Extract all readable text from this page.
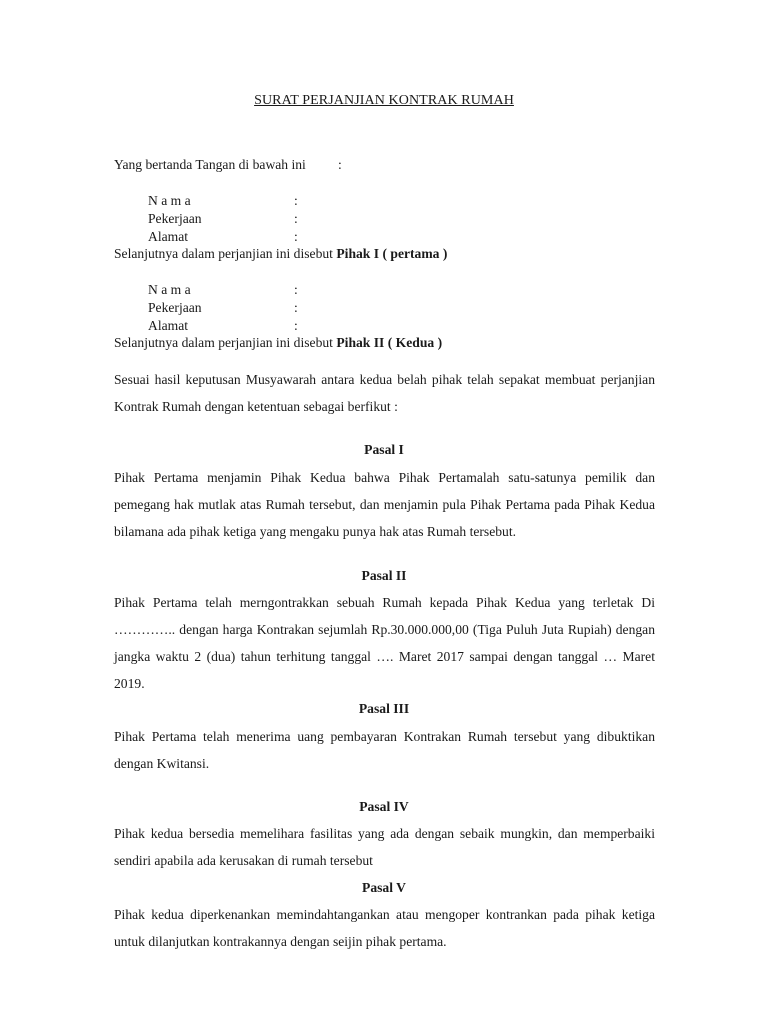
SURAT PERJANJIAN KONTRAK RUMAH
Yang bertanda Tangan di bawah ini :
N a m a	:
Pekerjaan	:
Alamat	:
Selanjutnya dalam perjanjian ini disebut Pihak I ( pertama )
N a m a	:
Pekerjaan	:
Alamat	:
Selanjutnya dalam perjanjian ini disebut Pihak II ( Kedua )

Sesuai hasil keputusan Musyawarah antara kedua belah pihak telah sepakat membuat perjanjian Kontrak Rumah dengan ketentuan sebagai berfikut :

Pasal I

Pihak Pertama menjamin Pihak Kedua bahwa Pihak Pertamalah satu-satunya pemilik dan pemegang hak mutlak atas Rumah tersebut, dan menjamin pula Pihak Pertama pada Pihak Kedua bilamana ada pihak ketiga yang mengaku punya hak atas Rumah tersebut.

Pasal II

Pihak Pertama telah merngontrakkan sebuah Rumah kepada Pihak Kedua yang terletak Di ………….. dengan harga Kontrakan sejumlah Rp.30.000.000,00 (Tiga Puluh Juta Rupiah) dengan jangka waktu 2 (dua) tahun terhitung tanggal …. Maret 2017 sampai dengan tanggal … Maret 2019.

Pasal III

Pihak Pertama telah menerima uang pembayaran Kontrakan Rumah tersebut yang dibuktikan dengan Kwitansi.

Pasal IV

Pihak kedua bersedia memelihara fasilitas yang ada dengan sebaik mungkin, dan memperbaiki sendiri apabila ada kerusakan di rumah tersebut

Pasal V

Pihak kedua diperkenankan memindahtangankan atau mengoper kontrankan pada pihak ketiga untuk dilanjutkan kontrakannya dengan seijin pihak pertama.
